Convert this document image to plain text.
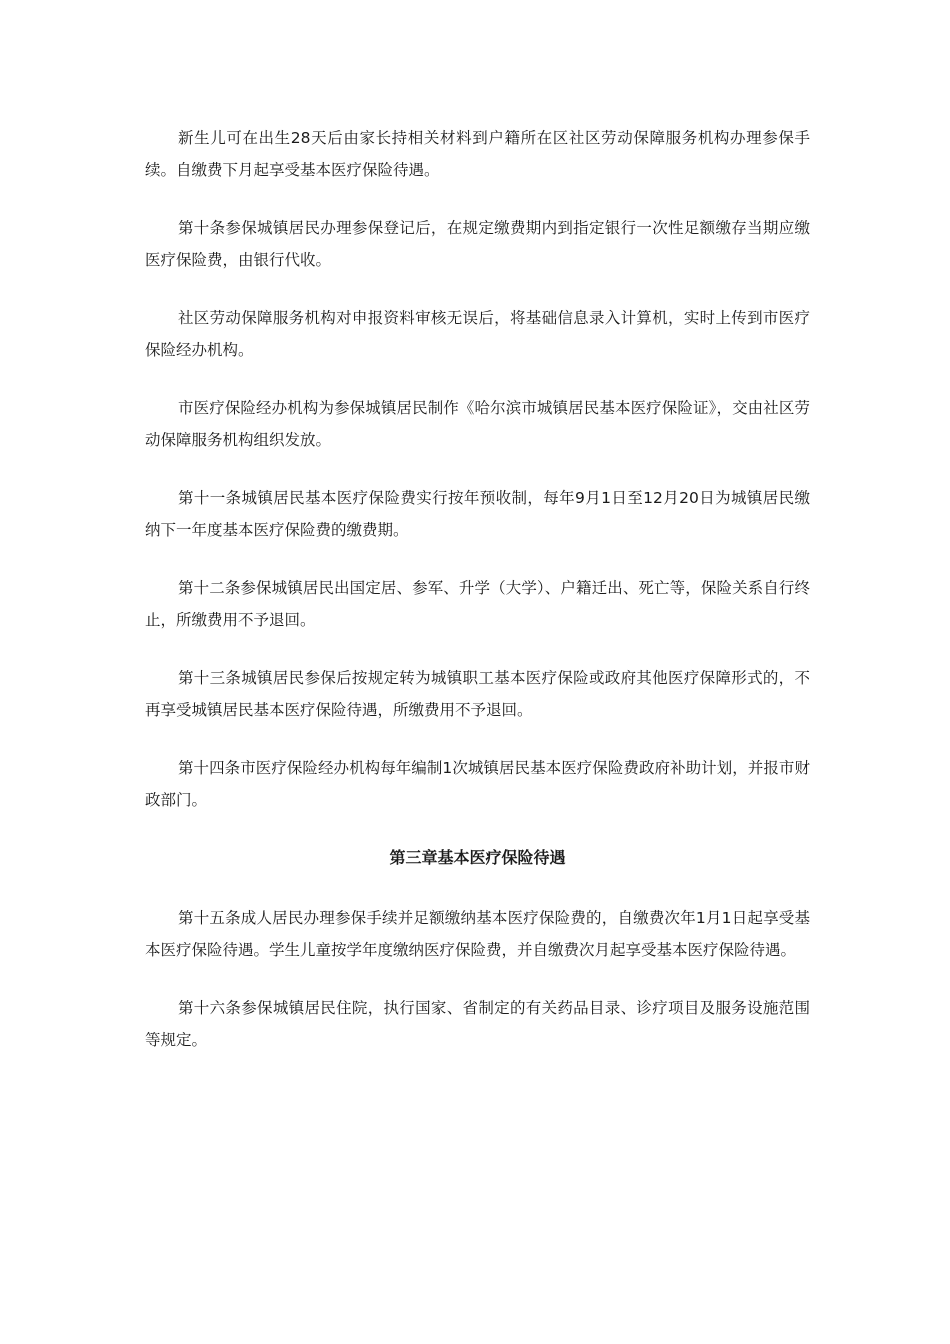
新生儿可在出生28天后由家长持相关材料到户籍所在区社区劳动保障服务机构办理参保手续。自缴费下月起享受基本医疗保险待遇。

第十条参保城镇居民办理参保登记后，在规定缴费期内到指定银行一次性足额缴存当期应缴医疗保险费，由银行代收。

社区劳动保障服务机构对申报资料审核无误后，将基础信息录入计算机，实时上传到市医疗保险经办机构。

市医疗保险经办机构为参保城镇居民制作《哈尔滨市城镇居民基本医疗保险证》，交由社区劳动保障服务机构组织发放。

第十一条城镇居民基本医疗保险费实行按年预收制，每年9月1日至12月20日为城镇居民缴纳下一年度基本医疗保险费的缴费期。

第十二条参保城镇居民出国定居、参军、升学（大学）、户籍迁出、死亡等，保险关系自行终止，所缴费用不予退回。

第十三条城镇居民参保后按规定转为城镇职工基本医疗保险或政府其他医疗保障形式的，不再享受城镇居民基本医疗保险待遇，所缴费用不予退回。

第十四条市医疗保险经办机构每年编制1次城镇居民基本医疗保险费政府补助计划，并报市财政部门。

第三章基本医疗保险待遇

第十五条成人居民办理参保手续并足额缴纳基本医疗保险费的，自缴费次年1月1日起享受基本医疗保险待遇。学生儿童按学年度缴纳医疗保险费，并自缴费次月起享受基本医疗保险待遇。

第十六条参保城镇居民住院，执行国家、省制定的有关药品目录、诊疗项目及服务设施范围等规定。
